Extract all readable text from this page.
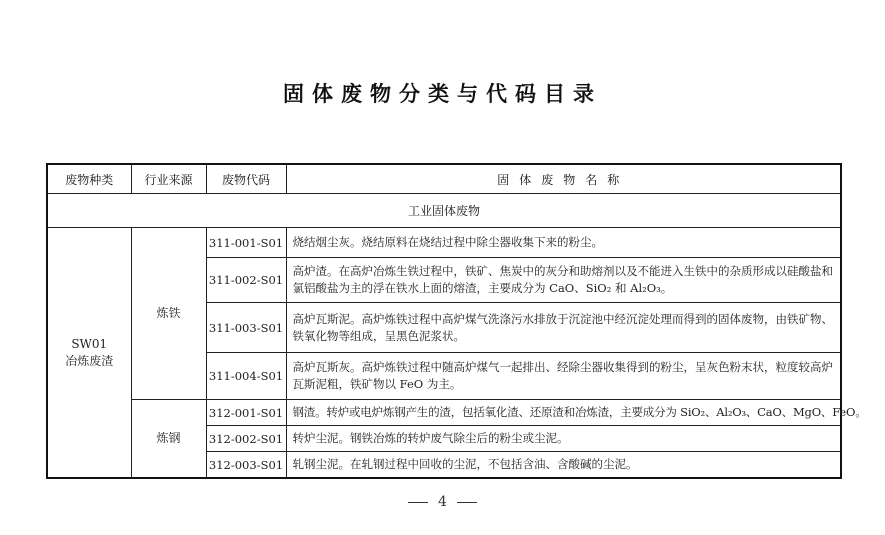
固体废物分类与代码目录
废物种类	行业来源	废物代码	固体废物名称
工业固体废物			

SW01
冶炼废渣	炼铁	311-001-S01	烧结烟尘灰。烧结原料在烧结过程中除尘器收集下来的粉尘。
		311-002-S01	高炉渣。在高炉冶炼生铁过程中，铁矿、焦炭中的灰分和助熔剂以及不能进入生铁中的杂质形成以硅酸盐和氯铝酸盐为主的浮在铁水上面的熔渣，主要成分为 CaO、SiO₂ 和 Al₂O₃。
		311-003-S01	高炉瓦斯泥。高炉炼铁过程中高炉煤气洗涤污水排放于沉淀池中经沉淀处理而得到的固体废物，由铁矿物、铁氧化物等组成，呈黑色泥浆状。
		311-004-S01	高炉瓦斯灰。高炉炼铁过程中随高炉煤气一起排出、经除尘器收集得到的粉尘，呈灰色粉末状，粒度较高炉瓦斯泥粗，铁矿物以 FeO 为主。
	炼钢	312-001-S01	钢渣。转炉或电炉炼钢产生的渣，包括氧化渣、还原渣和冶炼渣，主要成分为 SiO₂、Al₂O₃、CaO、MgO、FeO。
		312-002-S01	转炉尘泥。钢铁冶炼的转炉废气除尘后的粉尘或尘泥。
		312-003-S01	轧钢尘泥。在轧钢过程中回收的尘泥，不包括含油、含酸碱的尘泥。
4
